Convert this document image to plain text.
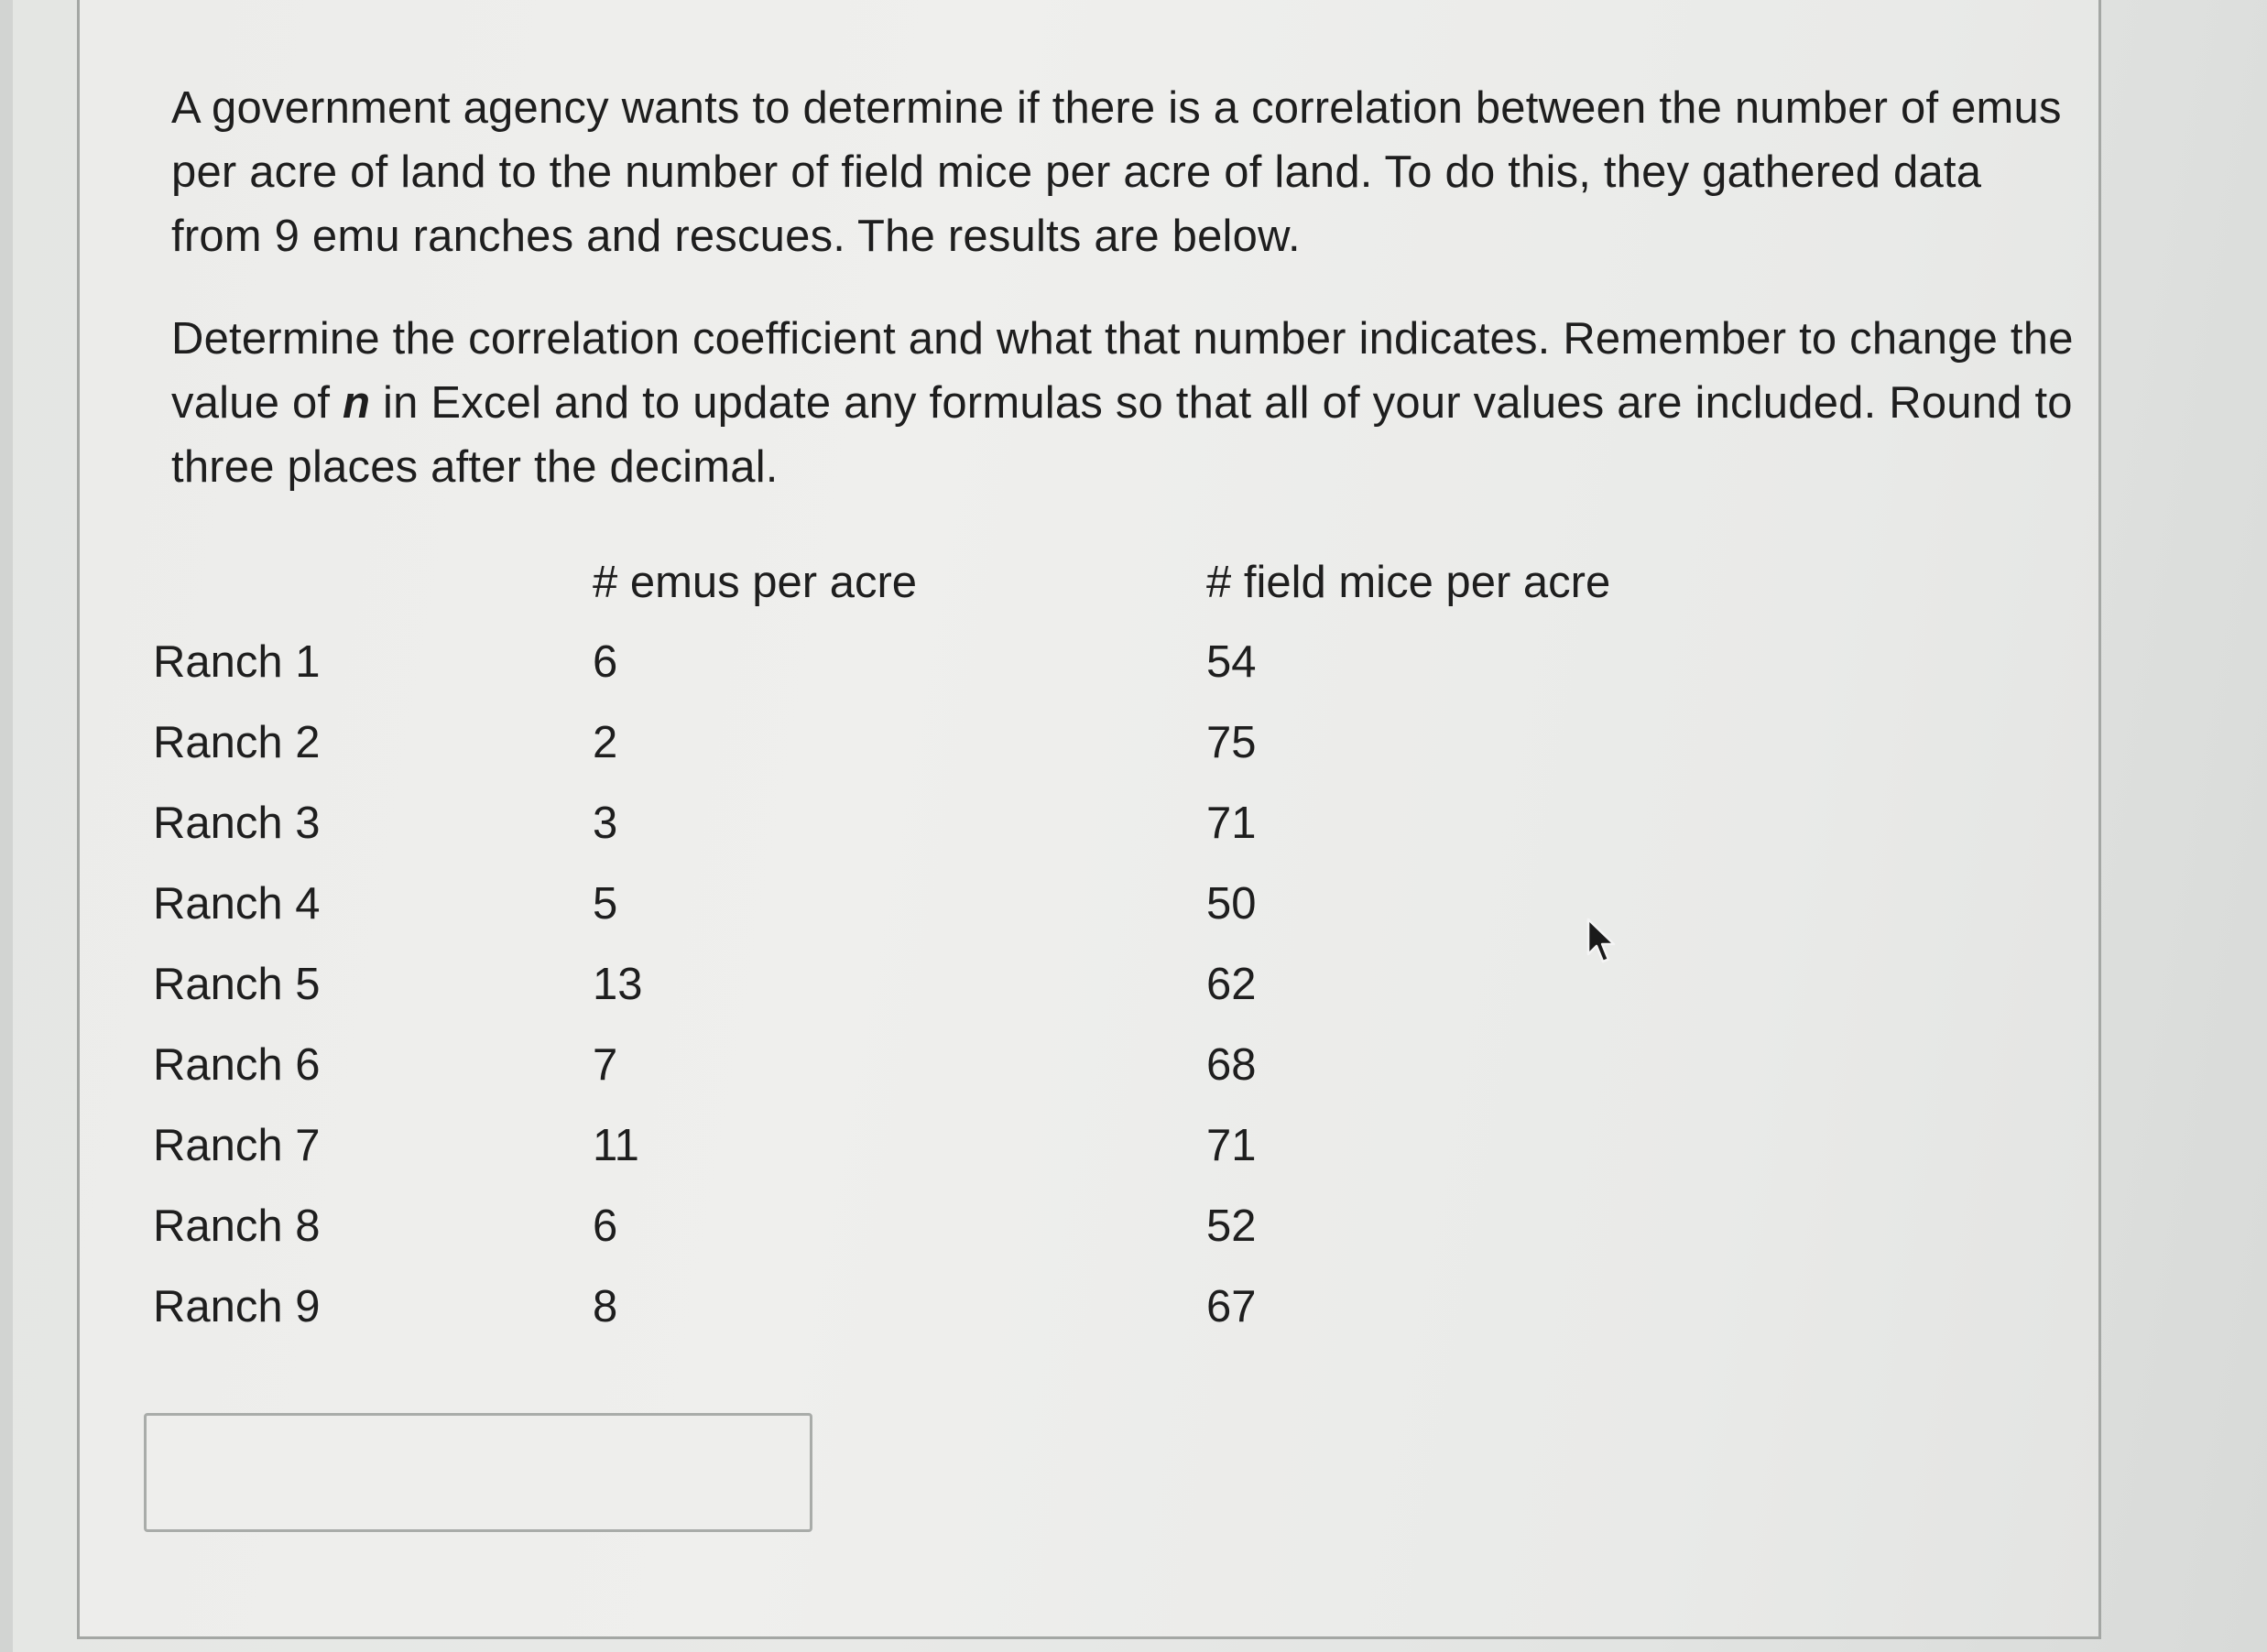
A government agency wants to determine if there is a correlation between the number of emus per acre of land to the number of field mice per acre of land. To do this, they gathered data from 9 emu ranches and rescues. The results are below.

Determine the correlation coefficient and what that number indicates. Remember to change the value of n in Excel and to update any formulas so that all of your values are included. Round to three places after the decimal.

	# emus per acre	# field mice per acre
Ranch 1	6	54
Ranch 2	2	75
Ranch 3	3	71
Ranch 4	5	50
Ranch 5	13	62
Ranch 6	7	68
Ranch 7	11	71
Ranch 8	6	52
Ranch 9	8	67
